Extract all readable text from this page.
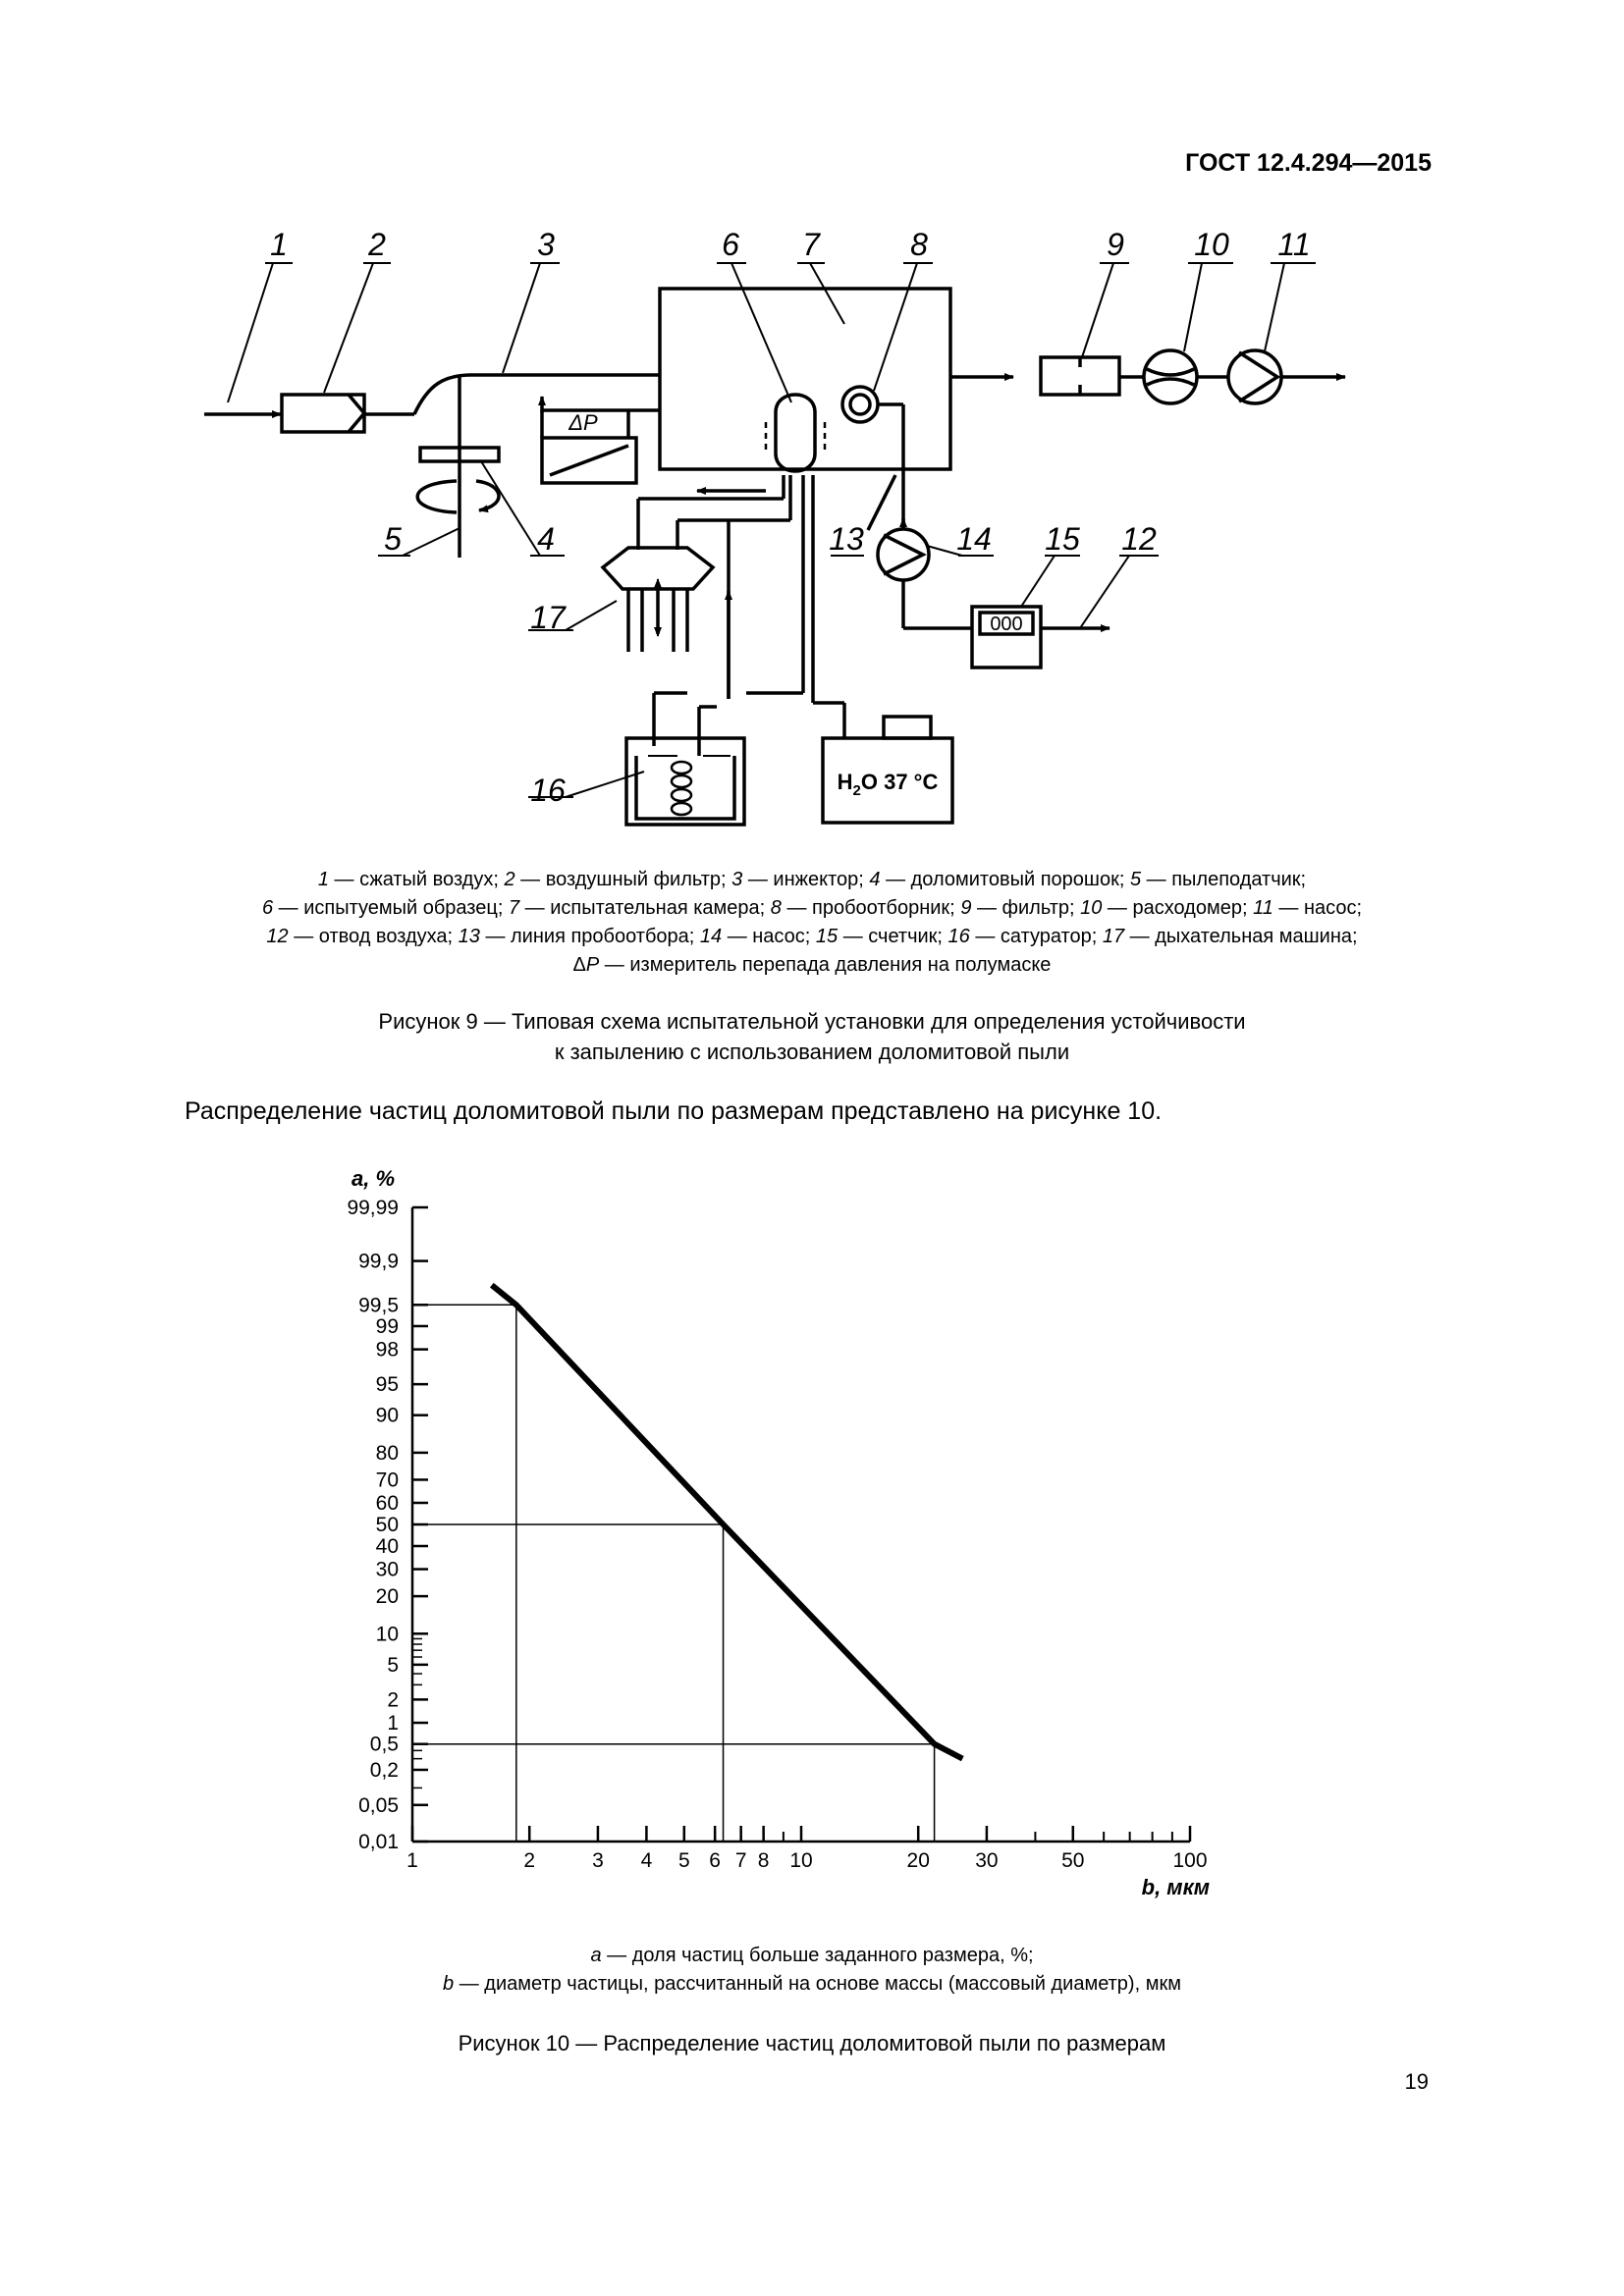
ГОСТ 12.4.294—2015
1	2	3
4
5
6 7	8	9 10 11
12
13	14 15
16
17
ΔP
000
$H_2O$ 37 °C
1 — сжатый воздух; 2 — воздушный фильтр; 3 — инжектор; 4 — доломитовый порошок; 5 — пылеподатчик;
6 — испытуемый образец; 7 — испытательная камера; 8 — пробоотборник; 9 — фильтр; 10 — расходомер; 11 — насос;
12 — отвод воздуха; 13 — линия пробоотбора; 14 — насос; 15 — счетчик; 16 — сатуратор; 17 — дыхательная машина;
ΔP — измеритель перепада давления на полумаске
Рисунок 9 — Типовая схема испытательной установки для определения устойчивости
к запылению с использованием доломитовой пыли
Распределение частиц доломитовой пыли по размерам представлено на рисунке 10.
1	2	3 4 5 6 7 8 10	20 30	50	100
0,01
0,05
0,2
0,5
1
2
5
10
20
30
40
50
60
70
80
90
95
98
99
99,5
99,9
99,99
a, %
b, мкм
a — доля частиц больше заданного размера, %;
b — диаметр частицы, рассчитанный на основе массы (массовый диаметр), мкм
Рисунок 10 — Распределение частиц доломитовой пыли по размерам
19
